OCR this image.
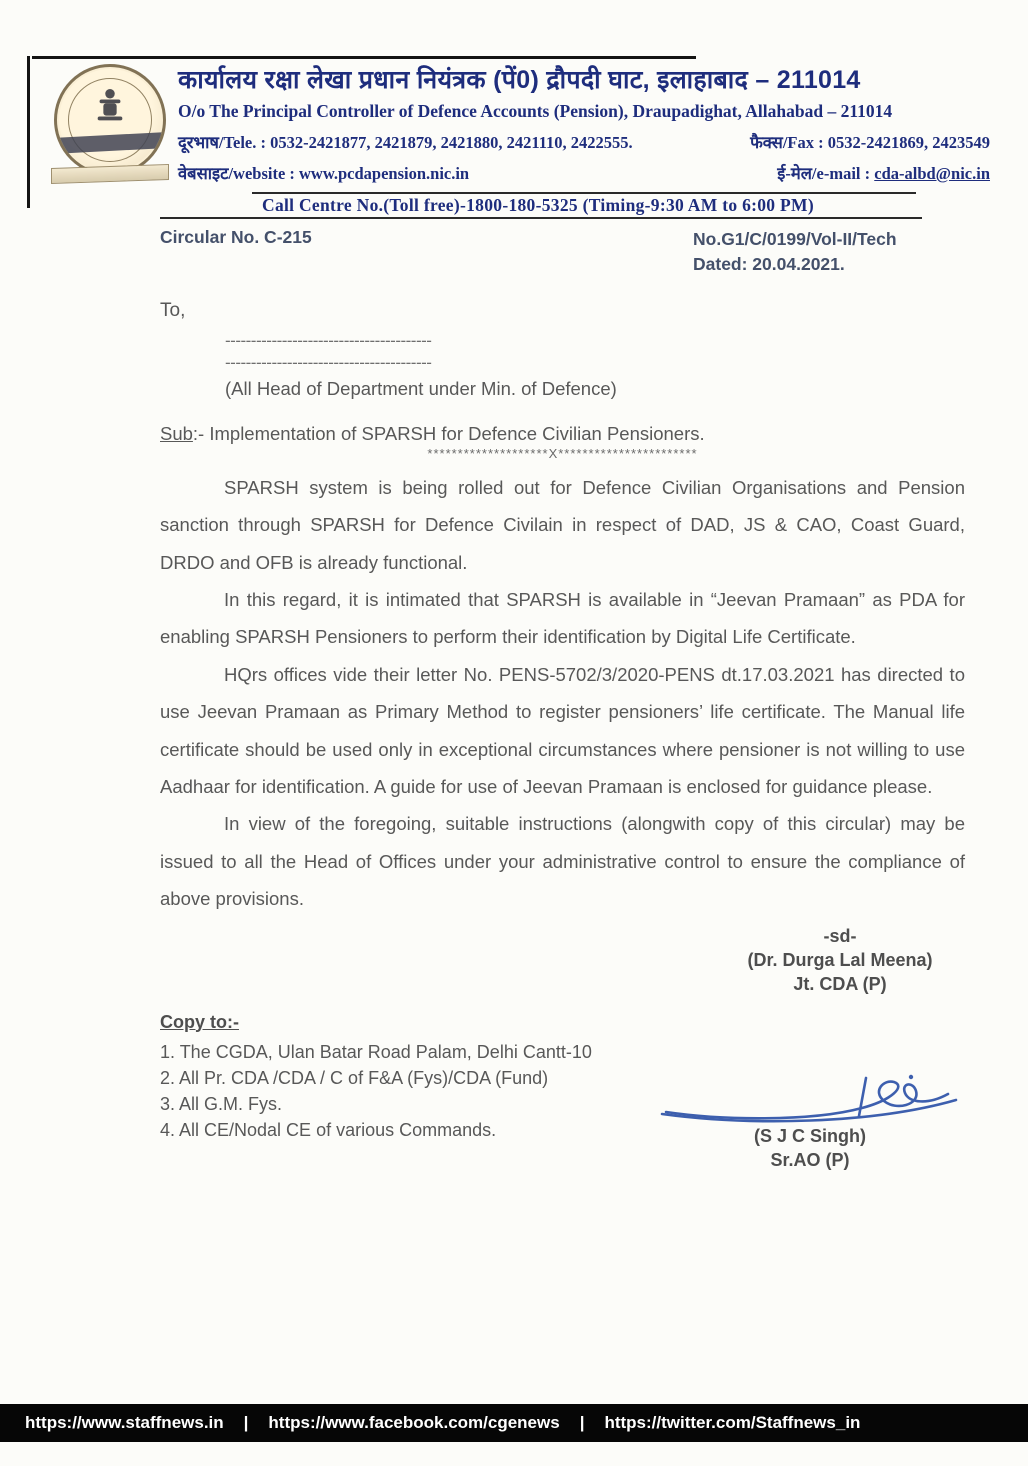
कार्यालय रक्षा लेखा प्रधान नियंत्रक (पें0) द्रौपदी घाट, इलाहाबाद – 211014
O/o The Principal Controller of Defence Accounts (Pension), Draupadighat, Allahabad – 211014
दूरभाष/Tele. : 0532-2421877, 2421879, 2421880, 2421110, 2422555.	फैक्स/Fax : 0532-2421869, 2423549
वेबसाइट/website : www.pcdapension.nic.in	ई-मेल/e-mail : cda-albd@nic.in
Call Centre No.(Toll free)-1800-180-5325 (Timing-9:30 AM to 6:00 PM)
Circular No. C-215	No.G1/C/0199/Vol-II/Tech
Dated: 20.04.2021.
To,
----------------------------------------
----------------------------------------
(All Head of Department under Min. of Defence)
Sub:- Implementation of SPARSH for Defence Civilian Pensioners.
********************X***********************

SPARSH system is being rolled out for Defence Civilian Organisations and Pension sanction through SPARSH for Defence Civilain in respect of DAD, JS & CAO, Coast Guard, DRDO and OFB is already functional.

In this regard, it is intimated that SPARSH is available in “Jeevan Pramaan” as PDA for enabling SPARSH Pensioners to perform their identification by Digital Life Certificate.

HQrs offices vide their letter No. PENS-5702/3/2020-PENS dt.17.03.2021 has directed to use Jeevan Pramaan as Primary Method to register pensioners’ life certificate. The Manual life certificate should be used only in exceptional circumstances where pensioner is not willing to use Aadhaar for identification. A guide for use of Jeevan Pramaan is enclosed for guidance please.

In view of the foregoing, suitable instructions (alongwith copy of this circular) may be issued to all the Head of Offices under your administrative control to ensure the compliance of above provisions.

-sd-
(Dr. Durga Lal Meena)
Jt. CDA (P)
Copy to:-
1. The CGDA, Ulan Batar Road Palam, Delhi Cantt-10
2. All Pr. CDA /CDA / C of F&A (Fys)/CDA (Fund)
3. All G.M. Fys.
4. All CE/Nodal CE of various Commands.	(S J C Singh)
Sr.AO (P)
https://www.staffnews.in | https://www.facebook.com/cgenews | https://twitter.com/Staffnews_in
